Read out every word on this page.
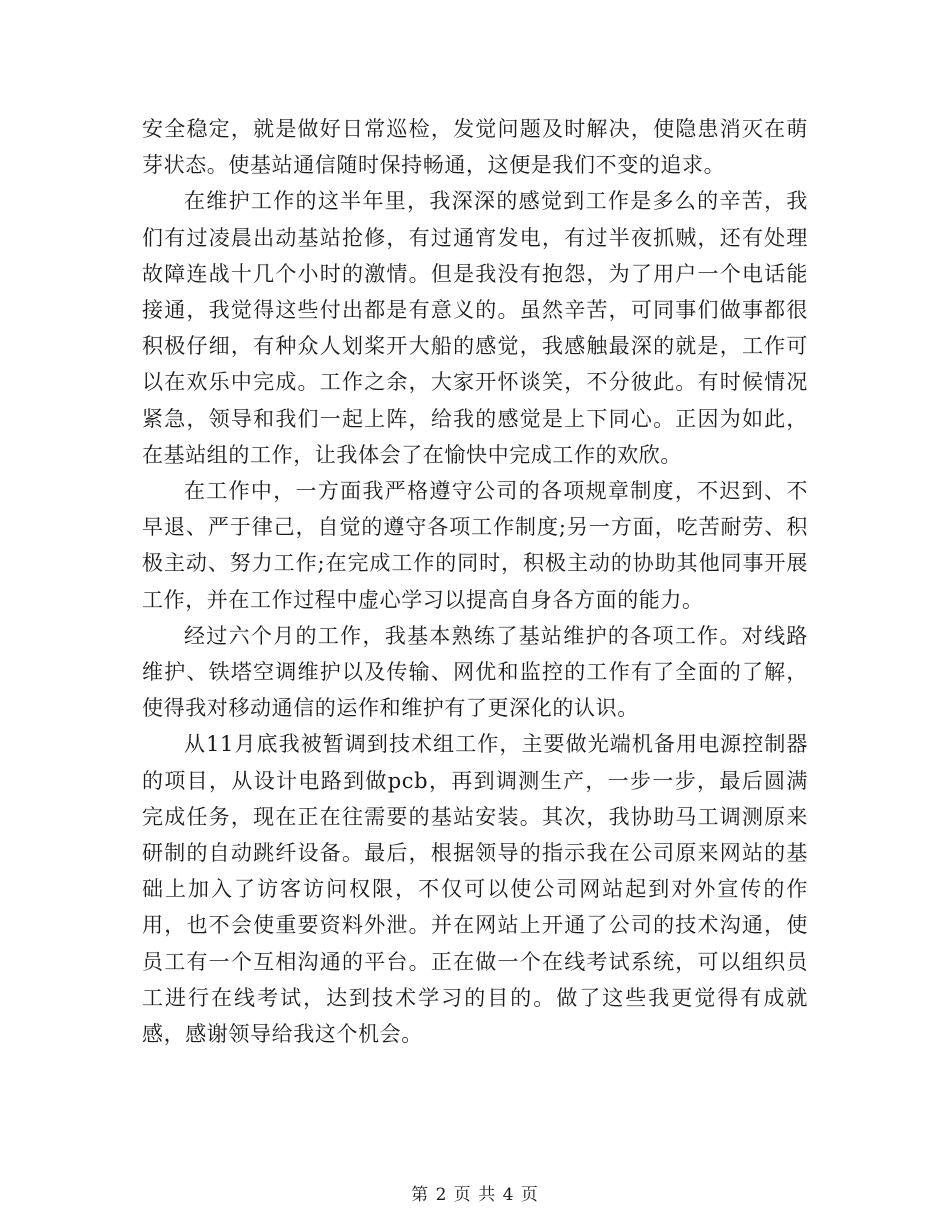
安全稳定，就是做好日常巡检，发觉问题及时解决，使隐患消灭在萌芽状态。使基站通信随时保持畅通，这便是我们不变的追求。

在维护工作的这半年里，我深深的感觉到工作是多么的辛苦，我们有过凌晨出动基站抢修，有过通宵发电，有过半夜抓贼，还有处理故障连战十几个小时的激情。但是我没有抱怨，为了用户一个电话能接通，我觉得这些付出都是有意义的。虽然辛苦，可同事们做事都很积极仔细，有种众人划桨开大船的感觉，我感触最深的就是，工作可以在欢乐中完成。工作之余，大家开怀谈笑，不分彼此。有时候情况紧急，领导和我们一起上阵，给我的感觉是上下同心。正因为如此，在基站组的工作，让我体会了在愉快中完成工作的欢欣。

在工作中，一方面我严格遵守公司的各项规章制度，不迟到、不早退、严于律己，自觉的遵守各项工作制度;另一方面，吃苦耐劳、积极主动、努力工作;在完成工作的同时，积极主动的协助其他同事开展工作，并在工作过程中虚心学习以提高自身各方面的能力。

经过六个月的工作，我基本熟练了基站维护的各项工作。对线路维护、铁塔空调维护以及传输、网优和监控的工作有了全面的了解，使得我对移动通信的运作和维护有了更深化的认识。

从11月底我被暂调到技术组工作，主要做光端机备用电源控制器的项目，从设计电路到做pcb，再到调测生产，一步一步，最后圆满完成任务，现在正在往需要的基站安装。其次，我协助马工调测原来研制的自动跳纤设备。最后，根据领导的指示我在公司原来网站的基础上加入了访客访问权限，不仅可以使公司网站起到对外宣传的作用，也不会使重要资料外泄。并在网站上开通了公司的技术沟通，使员工有一个互相沟通的平台。正在做一个在线考试系统，可以组织员工进行在线考试，达到技术学习的目的。做了这些我更觉得有成就感，感谢领导给我这个机会。

第 2 页 共 4 页
